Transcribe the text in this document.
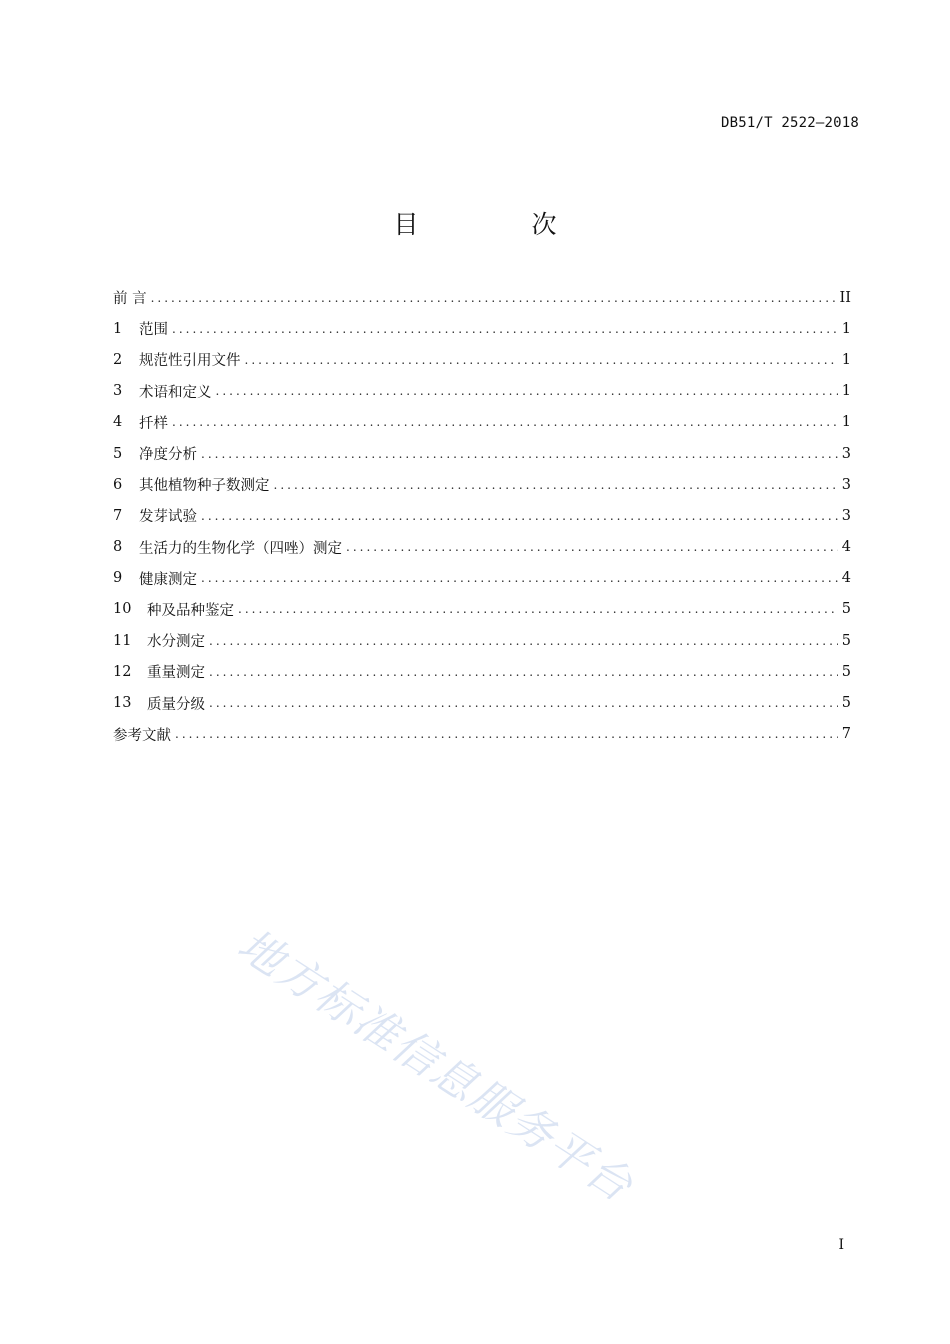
DB51/T 2522—2018
目　次
前 言 .....	II
1	范围 .....	1
2	规范性引用文件 .....	1
3	术语和定义 .....	1
4	扦样 .....	1
5	净度分析 .....	3
6	其他植物种子数测定 .....	3
7	发芽试验 .....	3
8	生活力的生物化学（四唑）测定 .....	4
9	健康测定 .....	4
10	种及品种鉴定 .....	5
11	水分测定 .....	5
12	重量测定 .....	5
13	质量分级 .....	5
参考文献 .....	7
地方标准信息服务平台
I
